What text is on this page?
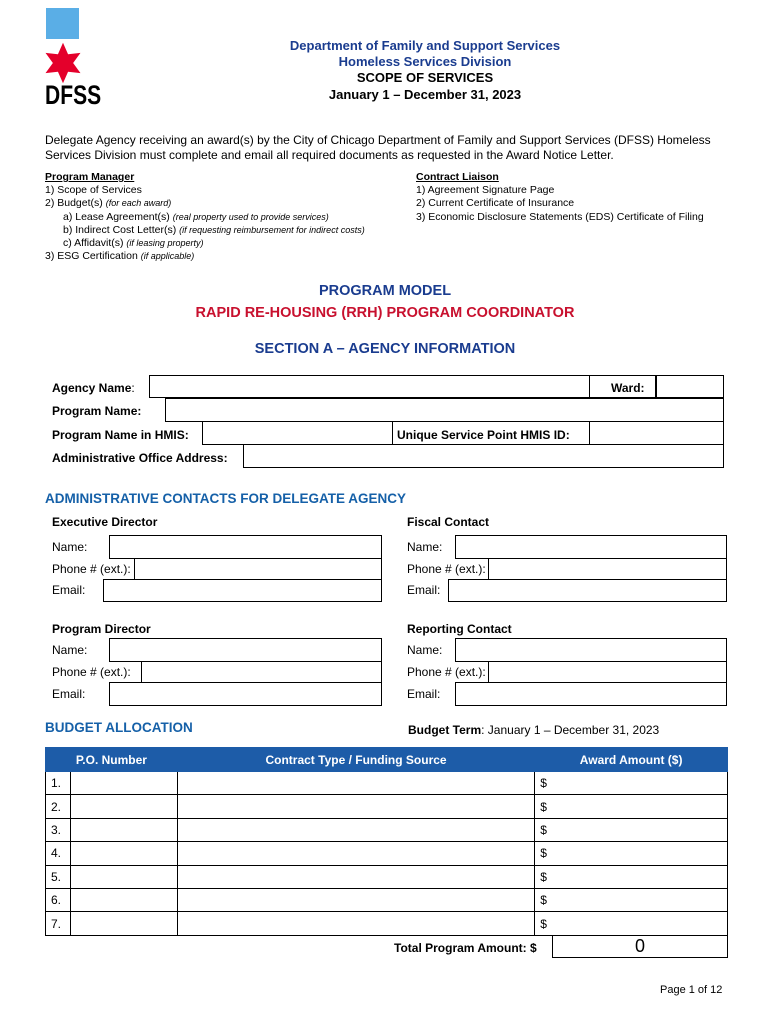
DFSS
Department of Family and Support Services
Homeless Services Division
SCOPE OF SERVICES
January 1 – December 31, 2023
Delegate Agency receiving an award(s) by the City of Chicago Department of Family and Support Services (DFSS) Homeless Services Division must complete and email all required documents as requested in the Award Notice Letter.
Program Manager
1) Scope of Services
2) Budget(s) (for each award)
a) Lease Agreement(s) (real property used to provide services)
b) Indirect Cost Letter(s) (if requesting reimbursement for indirect costs)
c) Affidavit(s) (if leasing property)
3) ESG Certification (if applicable)
Contract Liaison
1) Agreement Signature Page
2) Current Certificate of Insurance
3) Economic Disclosure Statements (EDS) Certificate of Filing
PROGRAM MODEL
RAPID RE-HOUSING (RRH) PROGRAM COORDINATOR
SECTION A – AGENCY INFORMATION
Agency Name:	Ward:
Program Name:
Program Name in HMIS:	Unique Service Point HMIS ID:
Administrative Office Address:
ADMINISTRATIVE CONTACTS FOR DELEGATE AGENCY
Executive Director	Fiscal Contact
Name:
Phone # (ext.):
Email:
Name:
Phone # (ext.):
Email:
Program Director	Reporting Contact
Name:
Phone # (ext.):
Email:
Name:
Phone # (ext.):
Email:
BUDGET ALLOCATION	Budget Term: January 1 – December 31, 2023
P.O. Number		Contract Type / Funding Source	Award Amount ($)
1.			$
2.			$
3.			$
4.			$
5.			$
6.			$
7.			$
Total Program Amount: $	0
Page 1 of 12
